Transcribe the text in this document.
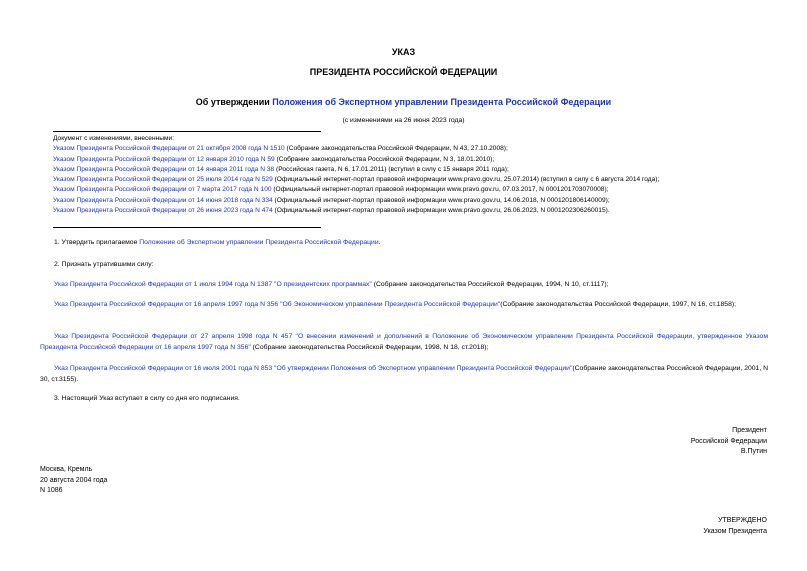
УКАЗ
ПРЕЗИДЕНТА РОССИЙСКОЙ ФЕДЕРАЦИИ
Об утверждении Положения об Экспертном управлении Президента Российской Федерации
(с изменениями на 26 июня 2023 года)
Документ с изменениями, внесенными:
Указом Президента Российской Федерации от 21 октября 2008 года N 1510 (Собрание законодательства Российской Федерации, N 43, 27.10.2008);
Указом Президента Российской Федерации от 12 января 2010 года N 59 (Собрание законодательства Российской Федерации, N 3, 18.01.2010);
Указом Президента Российской Федерации от 14 января 2011 года N 38 (Российская газета, N 6, 17.01.2011) (вступил в силу с 15 января 2011 года);
Указом Президента Российской Федерации от 25 июля 2014 года N 529 (Официальный интернет-портал правовой информации www.pravo.gov.ru, 25.07.2014) (вступил в силу с 6 августа 2014 года);
Указом Президента Российской Федерации от 7 марта 2017 года N 100 (Официальный интернет-портал правовой информации www.pravo.gov.ru, 07.03.2017, N 0001201703070008);
Указом Президента Российской Федерации от 14 июня 2018 года N 334 (Официальный интернет-портал правовой информации www.pravo.gov.ru, 14.06.2018, N 0001201806140009);
Указом Президента Российской Федерации от 26 июня 2023 года N 474 (Официальный интернет-портал правовой информации www.pravo.gov.ru, 26.06.2023, N 0001202306260015).
1. Утвердить прилагаемое Положение об Экспертном управлении Президента Российской Федерации.
2. Признать утратившими силу:
Указ Президента Российской Федерации от 1 июля 1994 года N 1387 "О президентских программах" (Собрание законодательства Российской Федерации, 1994, N 10, ст.1117);
Указ Президента Российской Федерации от 16 апреля 1997 года N 356 "Об Экономическом управлении Президента Российской Федерации"(Собрание законодательства Российской Федерации, 1997, N 16, ст.1858);
Указ Президента Российской Федерации от 27 апреля 1998 года N 457 "О внесении изменений и дополнений в Положение об Экономическом управлении Президента Российской Федерации, утвержденное Указом Президента Российской Федерации от 16 апреля 1997 года N 356" (Собрание законодательства Российской Федерации, 1998, N 18, ст.2018);
Указ Президента Российской Федерации от 16 июля 2001 года N 853 "Об утверждении Положения об Экспертном управлении Президента Российской Федерации"(Собрание законодательства Российской Федерации, 2001, N 30, ст.3155).
3. Настоящий Указ вступает в силу со дня его подписания.
Президент
Российской Федерации
В.Путин
Москва, Кремль
20 августа 2004 года
N 1086
УТВЕРЖДЕНО
Указом Президента
